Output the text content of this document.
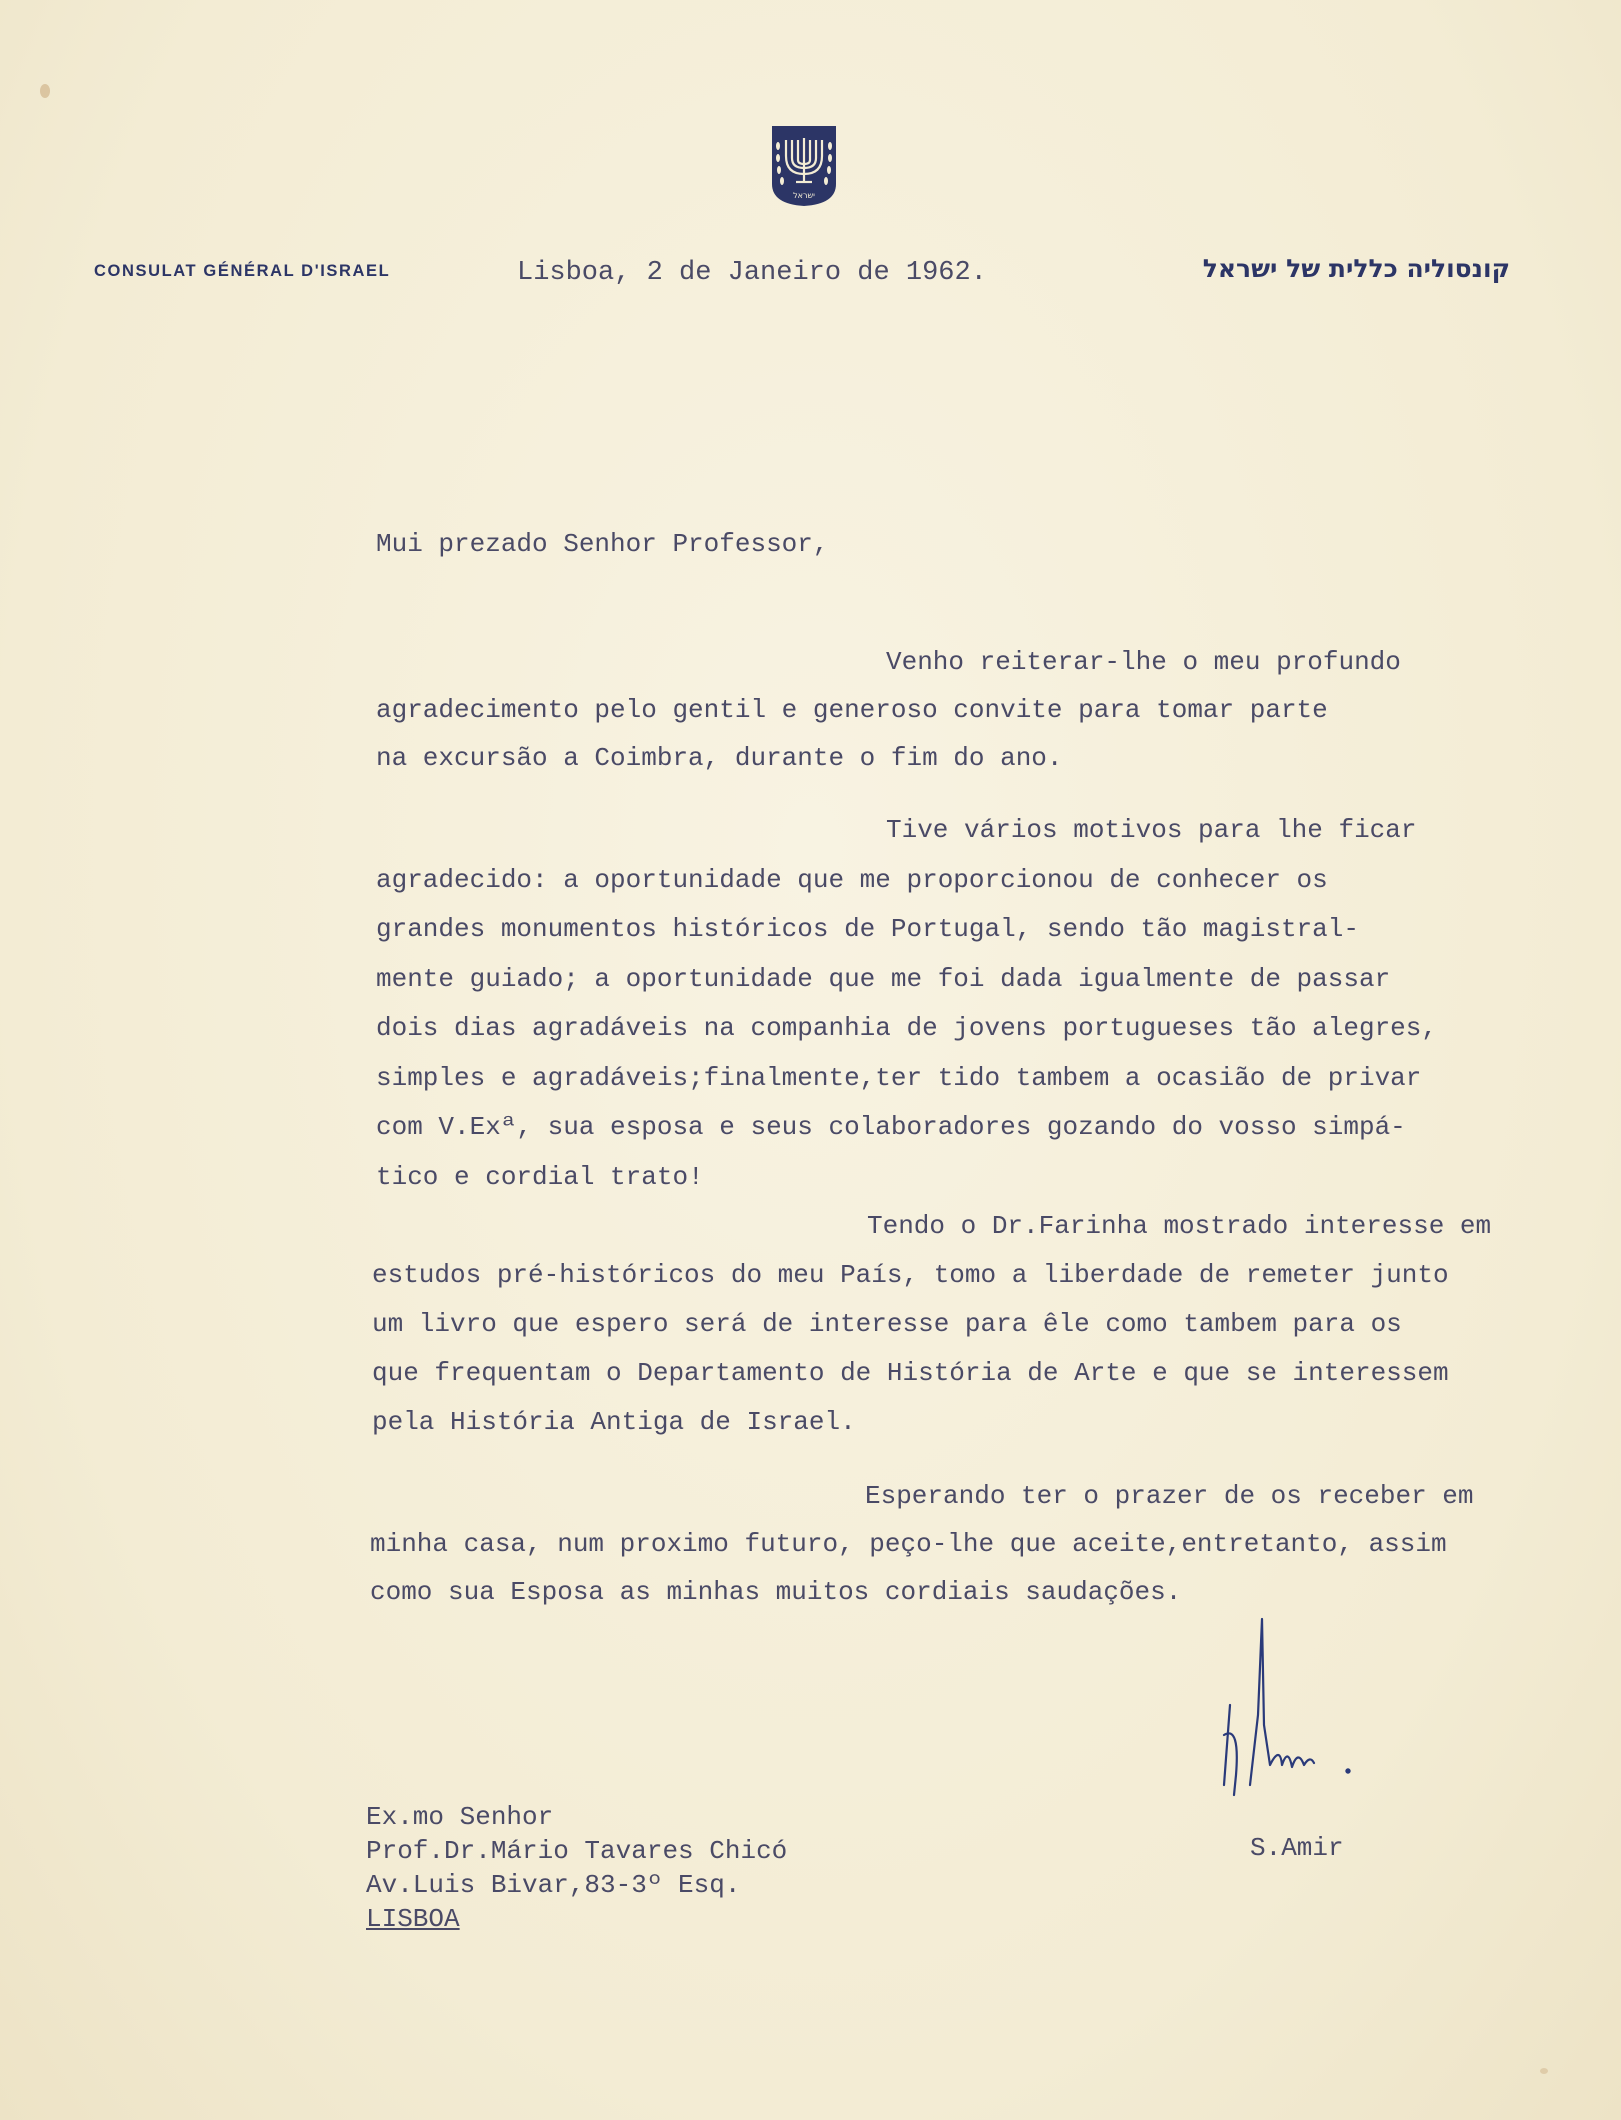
ישראל
CONSULAT GÉNÉRAL D'ISRAEL	Lisboa, 2 de Janeiro de 1962.	קונסוליה כללית של ישראל
Mui prezado Senhor Professor,
Venho reiterar-lhe o meu profundo
agradecimento pelo gentil e generoso convite para tomar parte
na excursão a Coimbra, durante o fim do ano.
Tive vários motivos para lhe ficar
agradecido: a oportunidade que me proporcionou de conhecer os
grandes monumentos históricos de Portugal, sendo tão magistral-
mente guiado; a oportunidade que me foi dada igualmente de passar
dois dias agradáveis na companhia de jovens portugueses tão alegres,
simples e agradáveis;finalmente,ter tido tambem a ocasião de privar
com V.Exª, sua esposa e seus colaboradores gozando do vosso simpá-
tico e cordial trato!
Tendo o Dr.Farinha mostrado interesse em
estudos pré-históricos do meu País, tomo a liberdade de remeter junto
um livro que espero será de interesse para êle como tambem para os
que frequentam o Departamento de História de Arte e que se interessem
pela História Antiga de Israel.
Esperando ter o prazer de os receber em
minha casa, num proximo futuro, peço-lhe que aceite,entretanto, assim
como sua Esposa as minhas muitos cordiais saudações.
S.Amir
Ex.mo Senhor
Prof.Dr.Mário Tavares Chicó
Av.Luis Bivar,83-3º Esq.
LISBOA
